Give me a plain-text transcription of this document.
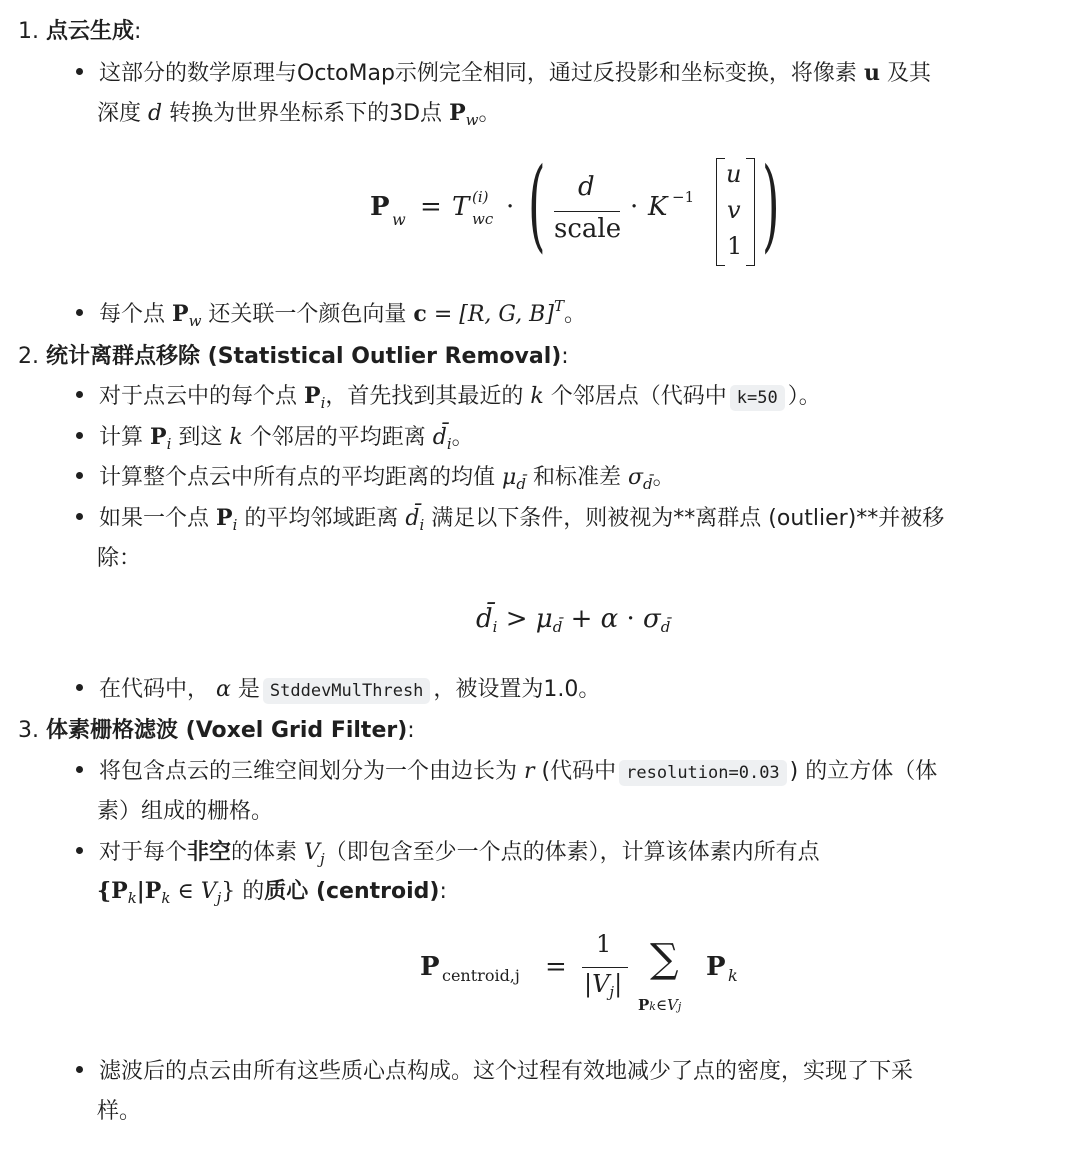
1. 点云生成:
这部分的数学原理与OctoMap示例完全相同，通过反投影和坐标变换，将像素 u 及其
深度 d 转换为世界坐标系下的3D点 $P_w$。
P w = T (i)
wc · ( d
scale
· K −1
u
v
1 )
每个点 $P_w$ 还关联一个颜色向量 c = [R, G, B]$^T$。
2. 统计离群点移除 (Statistical Outlier Removal):
对于点云中的每个点 $P_i$，首先找到其最近的 k 个邻居点（代码中 k=50 ）。
计算 $P_i$ 到这 k 个邻居的平均距离 $d̄_i$。
计算整个点云中所有点的平均距离的均值 $\mu_{d̄}$ 和标准差 $\sigma_{d̄}$。
如果一个点 $P_i$ 的平均邻域距离 $d̄_i$ 满足以下条件，则被视为**离群点 (outlier)**并被移
除：
$d̄_i > \mu_{d̄} + \alpha \cdot \sigma_{d̄}$
在代码中， α 是 StddevMulThresh ，被设置为1.0。
3. 体素栅格滤波 (Voxel Grid Filter):
将包含点云的三维空间划分为一个由边长为 r (代码中 resolution=0.03 ) 的立方体（体
素）组成的栅格。
对于每个非空的体素 $V_j$（即包含至少一个点的体素），计算该体素内所有点
{$P_k|P_k$ ∈ $V_j$} 的质心 (centroid):
P centroid,j =
1
$|V_j|$
∑
Pk∈Vj
P k
滤波后的点云由所有这些质心点构成。这个过程有效地减少了点的密度，实现了下采
样。
